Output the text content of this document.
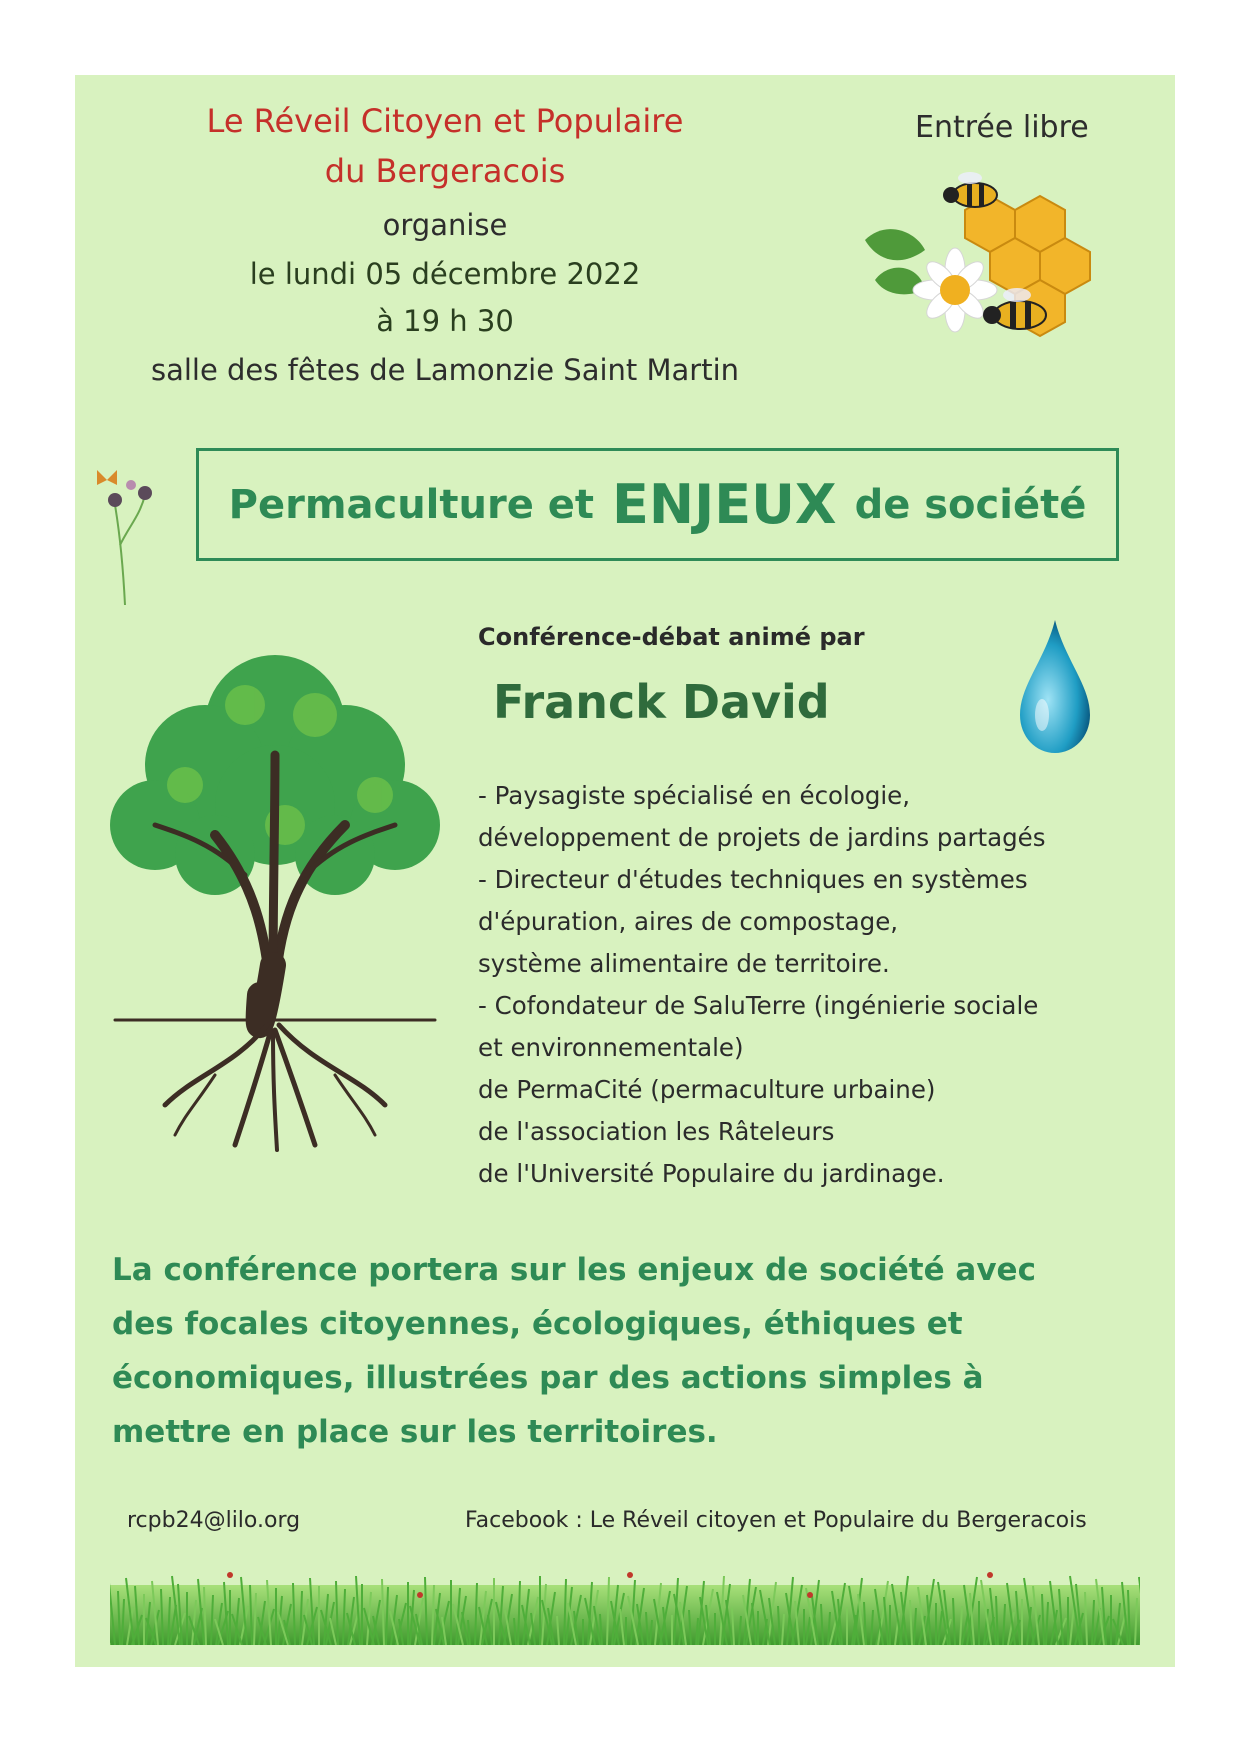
Le Réveil Citoyen et Populaire
du Bergeracois
organise
le lundi 05 décembre 2022
à 19 h 30
salle des fêtes de Lamonzie Saint Martin
Entrée libre
Permaculture et ENJEUX de société
Conférence-débat animé par
Franck David
- Paysagiste spécialisé en écologie,
développement de projets de jardins partagés
- Directeur d'études techniques en systèmes
d'épuration, aires de compostage,
système alimentaire de territoire.
- Cofondateur de SaluTerre (ingénierie sociale
et environnementale)
de PermaCité (permaculture urbaine)
de l'association les Râteleurs
de l'Université Populaire du jardinage.
La conférence portera sur les enjeux de société avec
des focales citoyennes, écologiques, éthiques et
économiques, illustrées par des actions simples à
mettre en place sur les territoires.
rcpb24@lilo.org	Facebook : Le Réveil citoyen et Populaire du Bergeracois
